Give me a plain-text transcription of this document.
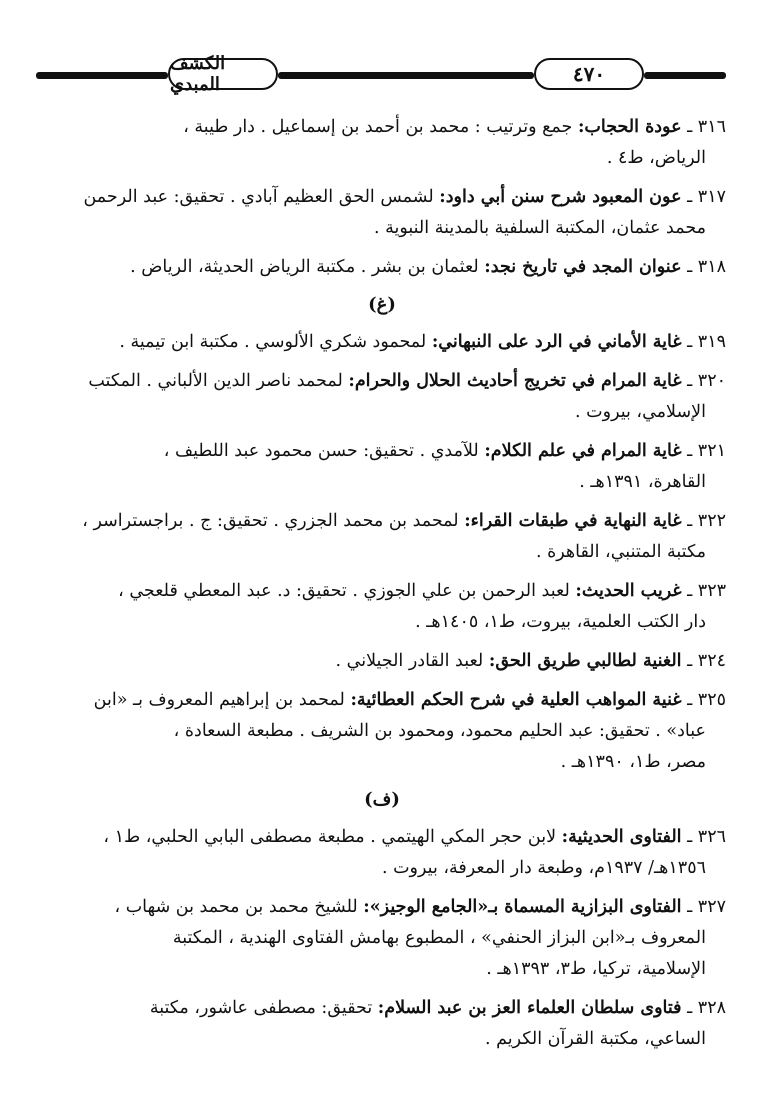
الكشف المبدي	٤٧٠
٣١٦ ـ عودة الحجاب: جمع وترتيب : محمد بن أحمد بن إسماعيل . دار طيبة ،
الرياض، ط٤ .
٣١٧ ـ عون المعبود شرح سنن أبي داود: لشمس الحق العظيم آبادي . تحقيق: عبد الرحمن
محمد عثمان، المكتبة السلفية بالمدينة النبوية .
٣١٨ ـ عنوان المجد في تاريخ نجد: لعثمان بن بشر . مكتبة الرياض الحديثة، الرياض .
(غ)
٣١٩ ـ غاية الأماني في الرد على النبهاني: لمحمود شكري الألوسي . مكتبة ابن تيمية .
٣٢٠ ـ غاية المرام في تخريج أحاديث الحلال والحرام: لمحمد ناصر الدين الألباني . المكتب
الإسلامي، بيروت .
٣٢١ ـ غاية المرام في علم الكلام: للآمدي . تحقيق: حسن محمود عبد اللطيف ،
القاهرة، ١٣٩١هـ .
٣٢٢ ـ غاية النهاية في طبقات القراء: لمحمد بن محمد الجزري . تحقيق: ج . براجستراسر ،
مكتبة المتنبي، القاهرة .
٣٢٣ ـ غريب الحديث: لعبد الرحمن بن علي الجوزي . تحقيق: د. عبد المعطي قلعجي ،
دار الكتب العلمية، بيروت، ط١، ١٤٠٥هـ .
٣٢٤ ـ الغنية لطالبي طريق الحق: لعبد القادر الجيلاني .
٣٢٥ ـ غنية المواهب العلية في شرح الحكم العطائية: لمحمد بن إبراهيم المعروف بـ «ابن
عباد» . تحقيق: عبد الحليم محمود، ومحمود بن الشريف . مطبعة السعادة ،
مصر، ط١، ١٣٩٠هـ .
(ف)
٣٢٦ ـ الفتاوى الحديثية: لابن حجر المكي الهيتمي . مطبعة مصطفى البابي الحلبي، ط١ ،
١٣٥٦هـ/ ١٩٣٧م، وطبعة دار المعرفة، بيروت .
٣٢٧ ـ الفتاوى البزازية المسماة بـ«الجامع الوجيز»: للشيخ محمد بن محمد بن شهاب ،
المعروف بـ«ابن البزاز الحنفي» ، المطبوع بهامش الفتاوى الهندية ، المكتبة
الإسلامية، تركيا، ط٣، ١٣٩٣هـ .
٣٢٨ ـ فتاوى سلطان العلماء العز بن عبد السلام: تحقيق: مصطفى عاشور، مكتبة
الساعي، مكتبة القرآن الكريم .
